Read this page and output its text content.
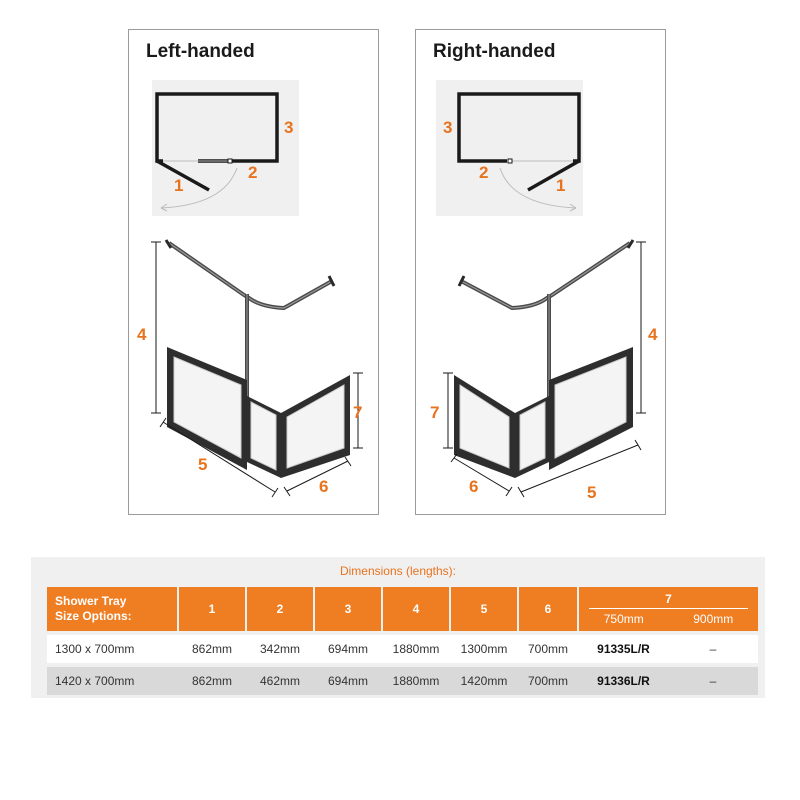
Left-handed
1
2
3
4
5
6
7
Right-handed
1
2
3
4
5
6
7
Dimensions (lengths):
Shower Tray
Size Options:	1	2	3	4	5	6
7
750mm	900mm
1300 x 700mm	862mm	342mm	694mm	1880mm	1300mm	700mm	91335L/R	–
1420 x 700mm	862mm	462mm	694mm	1880mm	1420mm	700mm	91336L/R	–
